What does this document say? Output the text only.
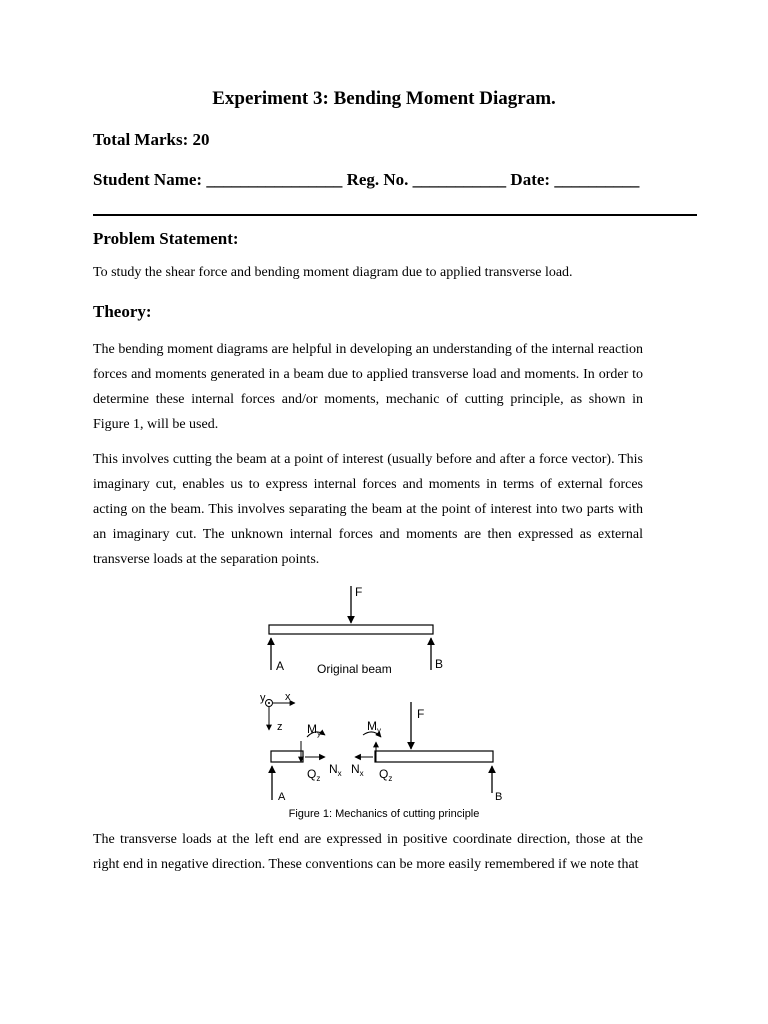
Experiment 3: Bending Moment Diagram.
Total Marks: 20
Student Name: ________________ Reg. No. ___________ Date: __________
Problem Statement:
To study the shear force and bending moment diagram due to applied transverse load.
Theory:
The bending moment diagrams are helpful in developing an understanding of the internal reaction forces and moments generated in a beam due to applied transverse load and moments. In order to determine these internal forces and/or moments, mechanic of cutting principle, as shown in Figure 1, will be used.
This involves cutting the beam at a point of interest (usually before and after a force vector). This imaginary cut, enables us to express internal forces and moments in terms of external forces acting on the beam. This involves separating the beam at the point of interest into two parts with an imaginary cut. The unknown internal forces and moments are then expressed as external transverse loads at the separation points.
F
A	B
Original beam
y x
z
A
$M_y$
$Q_z$
$N_x$
F
B
$M_y$
$Q_z$
$N_x$
Figure 1: Mechanics of cutting principle
The transverse loads at the left end are expressed in positive coordinate direction, those at the right end in negative direction. These conventions can be more easily remembered if we note that
